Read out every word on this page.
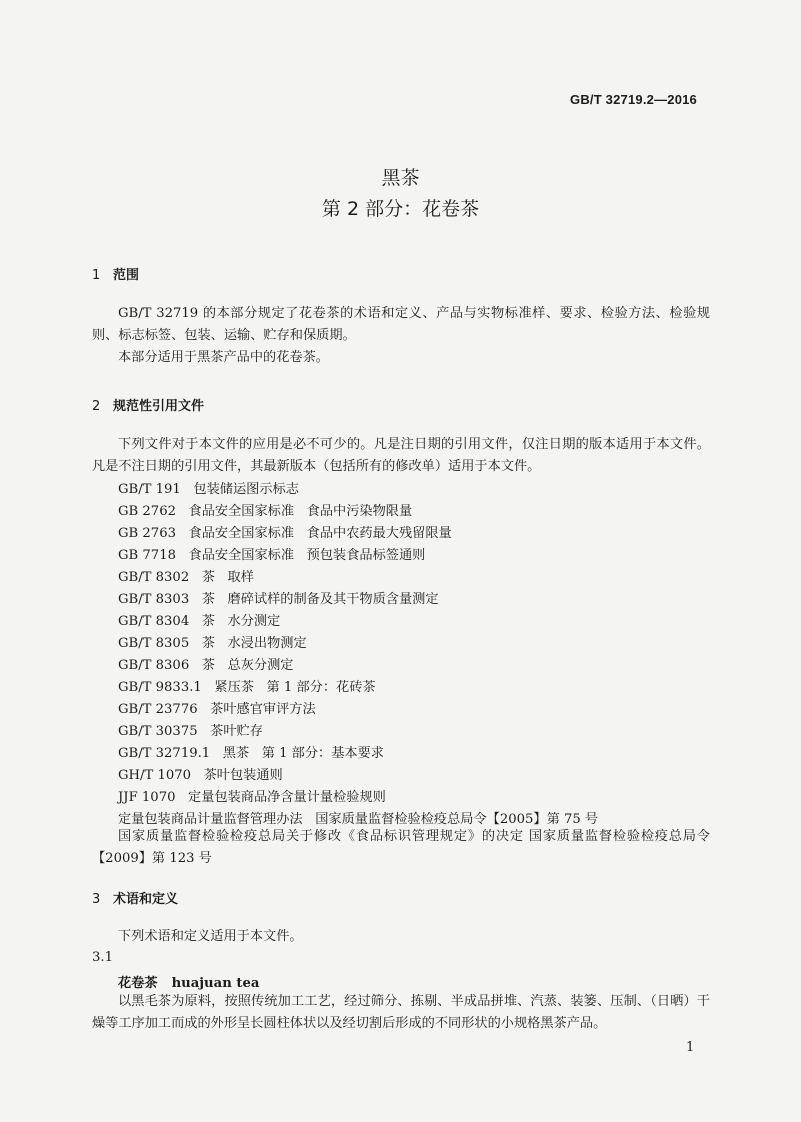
GB/T 32719.2—2016
黑茶
第 2 部分：花卷茶
1 范围
GB/T 32719 的本部分规定了花卷茶的术语和定义、产品与实物标准样、要求、检验方法、检验规则、标志标签、包装、运输、贮存和保质期。
本部分适用于黑茶产品中的花卷茶。
2 规范性引用文件
下列文件对于本文件的应用是必不可少的。凡是注日期的引用文件，仅注日期的版本适用于本文件。凡是不注日期的引用文件，其最新版本（包括所有的修改单）适用于本文件。
GB/T 191   包装储运图示标志
GB 2762   食品安全国家标准   食品中污染物限量
GB 2763   食品安全国家标准   食品中农药最大残留限量
GB 7718   食品安全国家标准   预包装食品标签通则
GB/T 8302   茶   取样
GB/T 8303   茶   磨碎试样的制备及其干物质含量测定
GB/T 8304   茶   水分测定
GB/T 8305   茶   水浸出物测定
GB/T 8306   茶   总灰分测定
GB/T 9833.1   紧压茶   第 1 部分：花砖茶
GB/T 23776   茶叶感官审评方法
GB/T 30375   茶叶贮存
GB/T 32719.1   黑茶   第 1 部分：基本要求
GH/T 1070   茶叶包装通则
JJF 1070   定量包装商品净含量计量检验规则
定量包装商品计量监督管理办法   国家质量监督检验检疫总局令【2005】第 75 号
国家质量监督检验检疫总局关于修改《食品标识管理规定》的决定 国家质量监督检验检疫总局令【2009】第 123 号
3 术语和定义
下列术语和定义适用于本文件。
3.1
花卷茶 huajuan tea
以黑毛茶为原料，按照传统加工工艺，经过筛分、拣剔、半成品拼堆、汽蒸、装篓、压制、（日晒）干燥等工序加工而成的外形呈长圆柱体状以及经切割后形成的不同形状的小规格黑茶产品。
1
